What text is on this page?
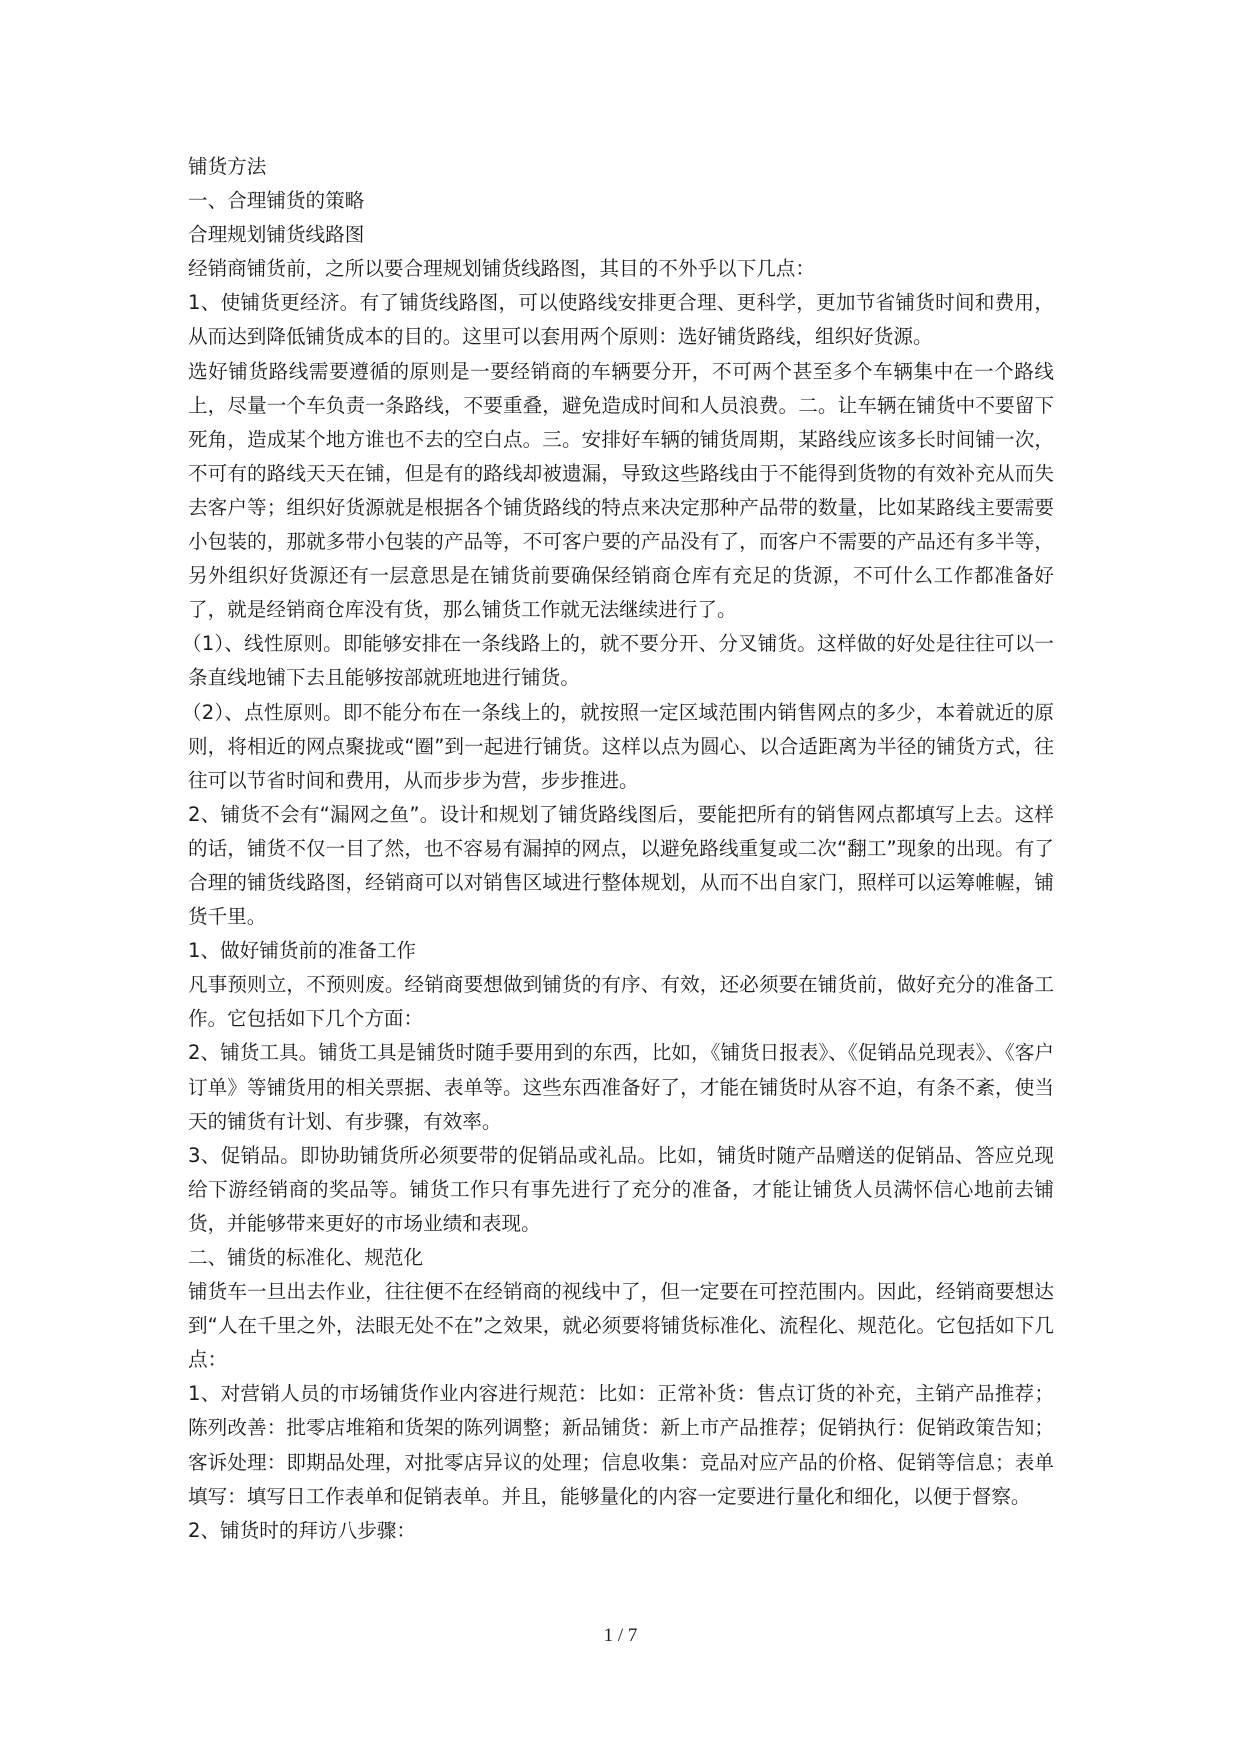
铺货方法

一、合理铺货的策略

合理规划铺货线路图

经销商铺货前，之所以要合理规划铺货线路图，其目的不外乎以下几点：

1、使铺货更经济。有了铺货线路图，可以使路线安排更合理、更科学，更加节省铺货时间和费用，从而达到降低铺货成本的目的。这里可以套用两个原则：选好铺货路线，组织好货源。

选好铺货路线需要遵循的原则是一要经销商的车辆要分开，不可两个甚至多个车辆集中在一个路线上，尽量一个车负责一条路线，不要重叠，避免造成时间和人员浪费。二。让车辆在铺货中不要留下死角，造成某个地方谁也不去的空白点。三。安排好车辆的铺货周期，某路线应该多长时间铺一次，不可有的路线天天在铺，但是有的路线却被遗漏，导致这些路线由于不能得到货物的有效补充从而失去客户等；组织好货源就是根据各个铺货路线的特点来决定那种产品带的数量，比如某路线主要需要小包装的，那就多带小包装的产品等，不可客户要的产品没有了，而客户不需要的产品还有多半等，另外组织好货源还有一层意思是在铺货前要确保经销商仓库有充足的货源，不可什么工作都准备好了，就是经销商仓库没有货，那么铺货工作就无法继续进行了。

（1）、线性原则。即能够安排在一条线路上的，就不要分开、分叉铺货。这样做的好处是往往可以一条直线地铺下去且能够按部就班地进行铺货。

（2）、点性原则。即不能分布在一条线上的，就按照一定区域范围内销售网点的多少，本着就近的原则，将相近的网点聚拢或“圈”到一起进行铺货。这样以点为圆心、以合适距离为半径的铺货方式，往往可以节省时间和费用，从而步步为营，步步推进。

2、铺货不会有“漏网之鱼”。设计和规划了铺货路线图后，要能把所有的销售网点都填写上去。这样的话，铺货不仅一目了然，也不容易有漏掉的网点，以避免路线重复或二次“翻工”现象的出现。有了合理的铺货线路图，经销商可以对销售区域进行整体规划，从而不出自家门，照样可以运筹帷幄，铺货千里。

1、做好铺货前的准备工作

凡事预则立，不预则废。经销商要想做到铺货的有序、有效，还必须要在铺货前，做好充分的准备工作。它包括如下几个方面：

2、铺货工具。铺货工具是铺货时随手要用到的东西，比如，《铺货日报表》、《促销品兑现表》、《客户订单》等铺货用的相关票据、表单等。这些东西准备好了，才能在铺货时从容不迫，有条不紊，使当天的铺货有计划、有步骤，有效率。

3、促销品。即协助铺货所必须要带的促销品或礼品。比如，铺货时随产品赠送的促销品、答应兑现给下游经销商的奖品等。铺货工作只有事先进行了充分的准备，才能让铺货人员满怀信心地前去铺货，并能够带来更好的市场业绩和表现。

二、铺货的标准化、规范化

铺货车一旦出去作业，往往便不在经销商的视线中了，但一定要在可控范围内。因此，经销商要想达到“人在千里之外，法眼无处不在”之效果，就必须要将铺货标准化、流程化、规范化。它包括如下几点：

1、对营销人员的市场铺货作业内容进行规范：比如：正常补货：售点订货的补充，主销产品推荐；陈列改善：批零店堆箱和货架的陈列调整；新品铺货：新上市产品推荐；促销执行：促销政策告知；客诉处理：即期品处理，对批零店异议的处理；信息收集：竞品对应产品的价格、促销等信息；表单填写：填写日工作表单和促销表单。并且，能够量化的内容一定要进行量化和细化，以便于督察。

2、铺货时的拜访八步骤：

1 / 7
